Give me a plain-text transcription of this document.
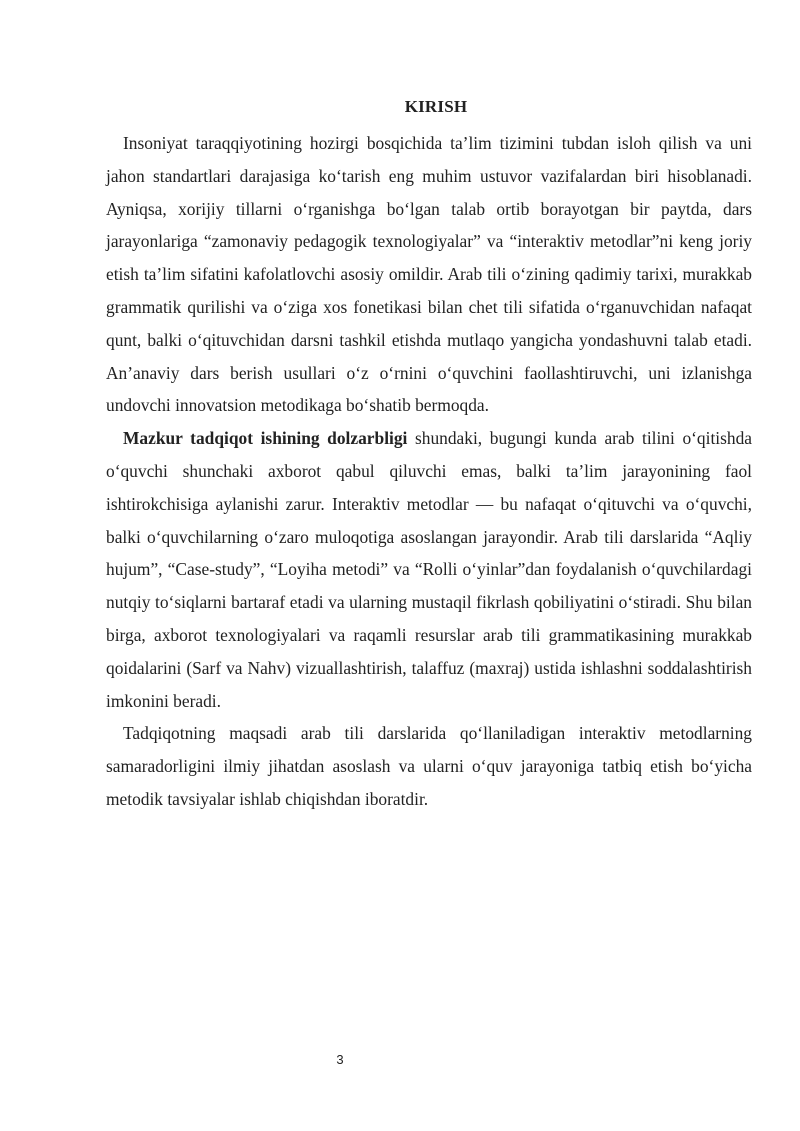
KIRISH

Insoniyat taraqqiyotining hozirgi bosqichida ta’lim tizimini tubdan isloh qilish va uni jahon standartlari darajasiga ko‘tarish eng muhim ustuvor vazifalardan biri hisoblanadi. Ayniqsa, xorijiy tillarni o‘rganishga bo‘lgan talab ortib borayotgan bir paytda, dars jarayonlariga “zamonaviy pedagogik texnologiyalar” va “interaktiv metodlar”ni keng joriy etish ta’lim sifatini kafolatlovchi asosiy omildir. Arab tili o‘zining qadimiy tarixi, murakkab grammatik qurilishi va o‘ziga xos fonetikasi bilan chet tili sifatida o‘rganuvchidan nafaqat qunt, balki o‘qituvchidan darsni tashkil etishda mutlaqo yangicha yondashuvni talab etadi. An’anaviy dars berish usullari o‘z o‘rnini o‘quvchini faollashtiruvchi, uni izlanishga undovchi innovatsion metodikaga bo‘shatib bermoqda.

Mazkur tadqiqot ishining dolzarbligi shundaki, bugungi kunda arab tilini o‘qitishda o‘quvchi shunchaki axborot qabul qiluvchi emas, balki ta’lim jarayonining faol ishtirokchisiga aylanishi zarur. Interaktiv metodlar — bu nafaqat o‘qituvchi va o‘quvchi, balki o‘quvchilarning o‘zaro muloqotiga asoslangan jarayondir. Arab tili darslarida “Aqliy hujum”, “Case-study”, “Loyiha metodi” va “Rolli o‘yinlar”dan foydalanish o‘quvchilardagi nutqiy to‘siqlarni bartaraf etadi va ularning mustaqil fikrlash qobiliyatini o‘stiradi. Shu bilan birga, axborot texnologiyalari va raqamli resurslar arab tili grammatikasining murakkab qoidalarini (Sarf va Nahv) vizuallashtirish, talaffuz (maxraj) ustida ishlashni soddalashtirish imkonini beradi.

Tadqiqotning maqsadi arab tili darslarida qo‘llaniladigan interaktiv metodlarning samaradorligini ilmiy jihatdan asoslash va ularni o‘quv jarayoniga tatbiq etish bo‘yicha metodik tavsiyalar ishlab chiqishdan iboratdir.

3
